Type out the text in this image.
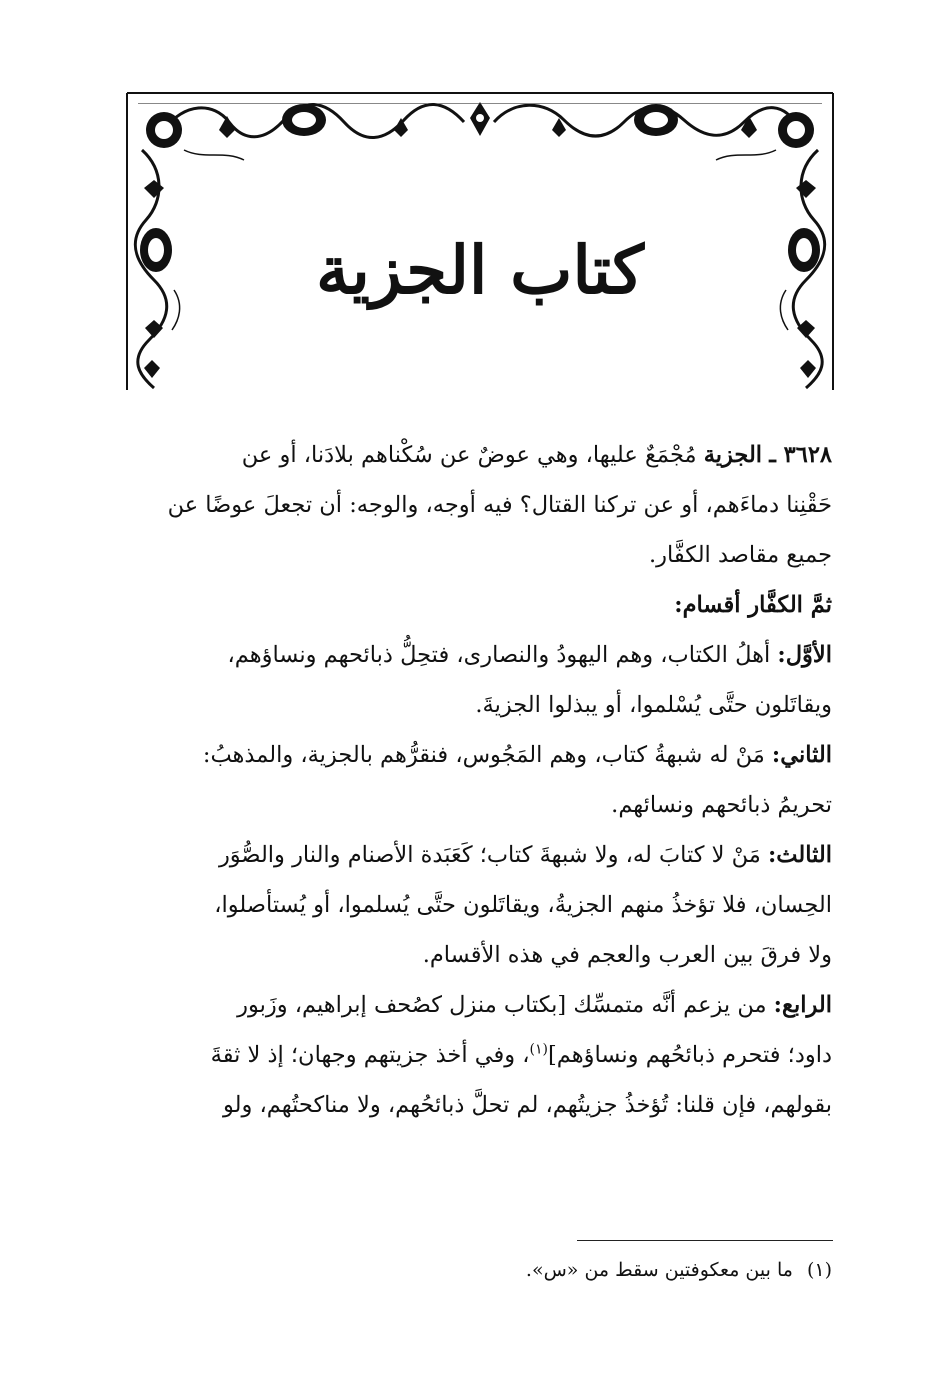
كتاب الجزية
٣٦٢٨ ـ الجزية مُجْمَعٌ عليها، وهي عوضٌ عن سُكْناهم بلادَنا، أو عن
حَقْنِنا دماءَهم، أو عن تركنا القتال؟ فيه أوجه، والوجه: أن تجعلَ عوضًا عن
جميع مقاصد الكفَّار.
ثمَّ الكفَّار أقسام:
الأوَّل: أهلُ الكتاب، وهم اليهودُ والنصارى، فتحِلُّ ذبائحهم ونساؤهم،
ويقاتَلون حتَّى يُسْلموا، أو يبذلوا الجزيةَ.
الثاني: مَنْ له شبهةُ كتاب، وهم المَجُوس، فنقرُّهم بالجزية، والمذهبُ:
تحريمُ ذبائحهم ونسائهم.
الثالث: مَنْ لا كتابَ له، ولا شبهةَ كتاب؛ كَعَبَدة الأصنام والنار والصُّوَر
الحِسان، فلا تؤخذُ منهم الجزيةُ، ويقاتَلون حتَّى يُسلموا، أو يُستأصلوا،
ولا فرقَ بين العرب والعجم في هذه الأقسام.
الرابع: من يزعم أنَّه متمسِّك [بكتاب منزل كصُحف إبراهيم، وزَبور
داود؛ فتحرم ذبائحُهم ونساؤهم]$^{(١)}$، وفي أخذ جزيتهم وجهان؛ إذ لا ثقةَ
بقولهم، فإن قلنا: تُؤخذُ جزيتُهم، لم تحلَّ ذبائحُهم، ولا مناكحتُهم، ولو
(١)ما بين معكوفتين سقط من «س».
